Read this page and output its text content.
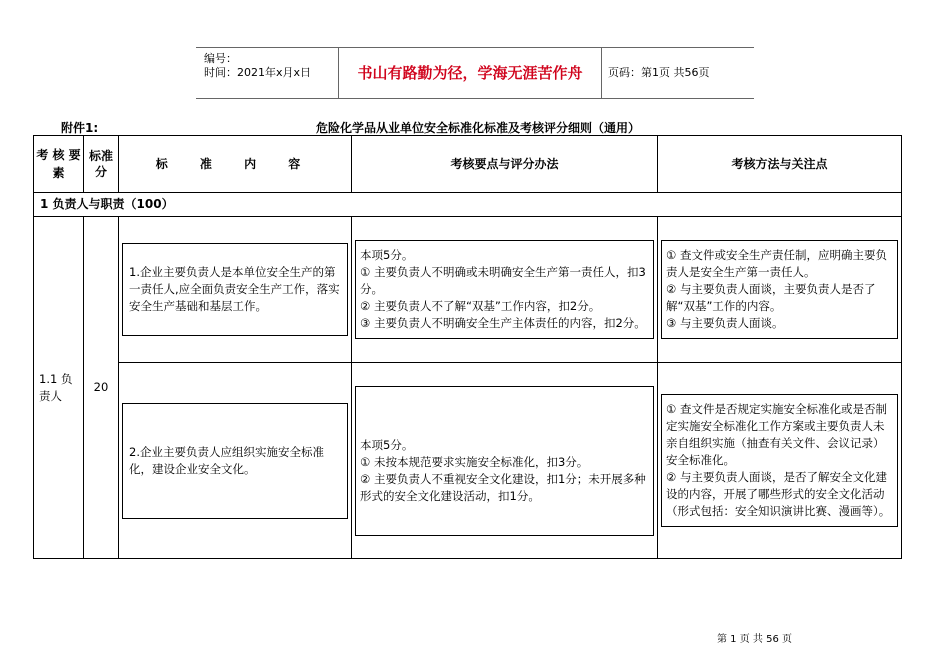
编号：
时间：2021年x月x日	书山有路勤为径，学海无涯苦作舟	页码：第1页 共56页
附件1:	危险化学品从业单位安全标准化标准及考核评分细则（通用）
考 核 要 素	标准分	标 准 内 容	考核要点与评分办法	考核方法与关注点
1 负责人与职责（100）				
1.1 负责人	20	1.企业主要负责人是本单位安全生产的第一责任人,应全面负责安全生产工作，落实安全生产基础和基层工作。	本项5分。
① 主要负责人不明确或未明确安全生产第一责任人，扣3分。
② 主要负责人不了解“双基”工作内容，扣2分。
③ 主要负责人不明确安全生产主体责任的内容，扣2分。	① 查文件或安全生产责任制，应明确主要负责人是安全生产第一责任人。
② 与主要负责人面谈，主要负责人是否了解“双基”工作的内容。
③ 与主要负责人面谈。

		2.企业主要负责人应组织实施安全标准化，建设企业安全文化。	本项5分。
① 未按本规范要求实施安全标准化，扣3分。
② 主要负责人不重视安全文化建设，扣1分；未开展多种形式的安全文化建设活动，扣1分。	① 查文件是否规定实施安全标准化或是否制定实施安全标准化工作方案或主要负责人未亲自组织实施（抽查有关文件、会议记录）安全标准化。
② 与主要负责人面谈，是否了解安全文化建设的内容，开展了哪些形式的安全文化活动（形式包括：安全知识演讲比赛、漫画等）。
第 1 页 共 56 页
